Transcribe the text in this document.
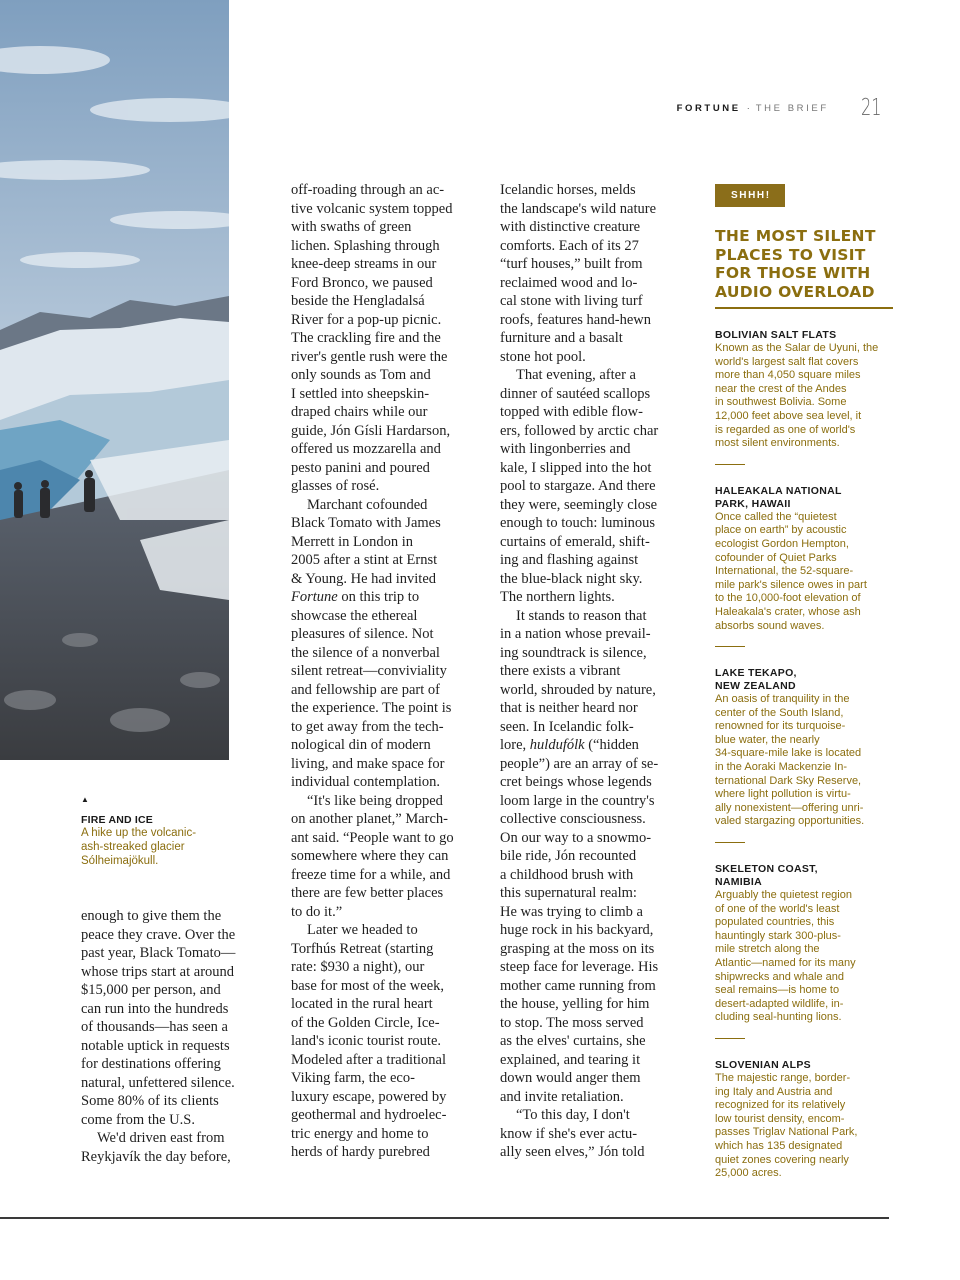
FORTUNE · THE BRIEF 21
▲
FIRE AND ICE
A hike up the volcanic-
ash-streaked glacier
Sólheimajökull.

enough to give them the
peace they crave. Over the
past year, Black Tomato—
whose trips start at around
$15,000 per person, and
can run into the hundreds
of thousands—has seen a
notable uptick in requests
for destinations offering
natural, unfettered silence.
Some 80% of its clients
come from the U.S.

We'd driven east from
Reykjavík the day before,

off-roading through an ac-
tive volcanic system topped
with swaths of green
lichen. Splashing through
knee-deep streams in our
Ford Bronco, we paused
beside the Hengladalsá
River for a pop-up picnic.
The crackling fire and the
river's gentle rush were the
only sounds as Tom and
I settled into sheepskin-
draped chairs while our
guide, Jón Gísli Hardarson,
offered us mozzarella and
pesto panini and poured
glasses of rosé.

Marchant cofounded
Black Tomato with James
Merrett in London in
2005 after a stint at Ernst
& Young. He had invited
Fortune on this trip to
showcase the ethereal
pleasures of silence. Not
the silence of a nonverbal
silent retreat—conviviality
and fellowship are part of
the experience. The point is
to get away from the tech-
nological din of modern
living, and make space for
individual contemplation.

“It's like being dropped
on another planet,” March-
ant said. “People want to go
somewhere where they can
freeze time for a while, and
there are few better places
to do it.”

Later we headed to
Torfhús Retreat (starting
rate: $930 a night), our
base for most of the week,
located in the rural heart
of the Golden Circle, Ice-
land's iconic tourist route.
Modeled after a traditional
Viking farm, the eco-
luxury escape, powered by
geothermal and hydroelec-
tric energy and home to
herds of hardy purebred

Icelandic horses, melds
the landscape's wild nature
with distinctive creature
comforts. Each of its 27
“turf houses,” built from
reclaimed wood and lo-
cal stone with living turf
roofs, features hand-hewn
furniture and a basalt
stone hot pool.

That evening, after a
dinner of sautéed scallops
topped with edible flow-
ers, followed by arctic char
with lingonberries and
kale, I slipped into the hot
pool to stargaze. And there
they were, seemingly close
enough to touch: luminous
curtains of emerald, shift-
ing and flashing against
the blue-black night sky.
The northern lights.

It stands to reason that
in a nation whose prevail-
ing soundtrack is silence,
there exists a vibrant
world, shrouded by nature,
that is neither heard nor
seen. In Icelandic folk-
lore, huldufólk (“hidden
people”) are an array of se-
cret beings whose legends
loom large in the country's
collective consciousness.
On our way to a snowmo-
bile ride, Jón recounted
a childhood brush with
this supernatural realm:
He was trying to climb a
huge rock in his backyard,
grasping at the moss on its
steep face for leverage. His
mother came running from
the house, yelling for him
to stop. The moss served
as the elves' curtains, she
explained, and tearing it
down would anger them
and invite retaliation.

“To this day, I don't
know if she's ever actu-
ally seen elves,” Jón told

SHHH!
THE MOST SILENT
PLACES TO VISIT
FOR THOSE WITH
AUDIO OVERLOAD
BOLIVIAN SALT FLATS
Known as the Salar de Uyuni, the
world's largest salt flat covers
more than 4,050 square miles
near the crest of the Andes
in southwest Bolivia. Some
12,000 feet above sea level, it
is regarded as one of world's
most silent environments.
HALEAKALA NATIONAL
PARK, HAWAII
Once called the “quietest
place on earth” by acoustic
ecologist Gordon Hempton,
cofounder of Quiet Parks
International, the 52-square-
mile park's silence owes in part
to the 10,000-foot elevation of
Haleakala's crater, whose ash
absorbs sound waves.
LAKE TEKAPO,
NEW ZEALAND
An oasis of tranquility in the
center of the South Island,
renowned for its turquoise-
blue water, the nearly
34-square-mile lake is located
in the Aoraki Mackenzie In-
ternational Dark Sky Reserve,
where light pollution is virtu-
ally nonexistent—offering unri-
valed stargazing opportunities.
SKELETON COAST,
NAMIBIA
Arguably the quietest region
of one of the world's least
populated countries, this
hauntingly stark 300-plus-
mile stretch along the
Atlantic—named for its many
shipwrecks and whale and
seal remains—is home to
desert-adapted wildlife, in-
cluding seal-hunting lions.
SLOVENIAN ALPS
The majestic range, border-
ing Italy and Austria and
recognized for its relatively
low tourist density, encom-
passes Triglav National Park,
which has 135 designated
quiet zones covering nearly
25,000 acres.
